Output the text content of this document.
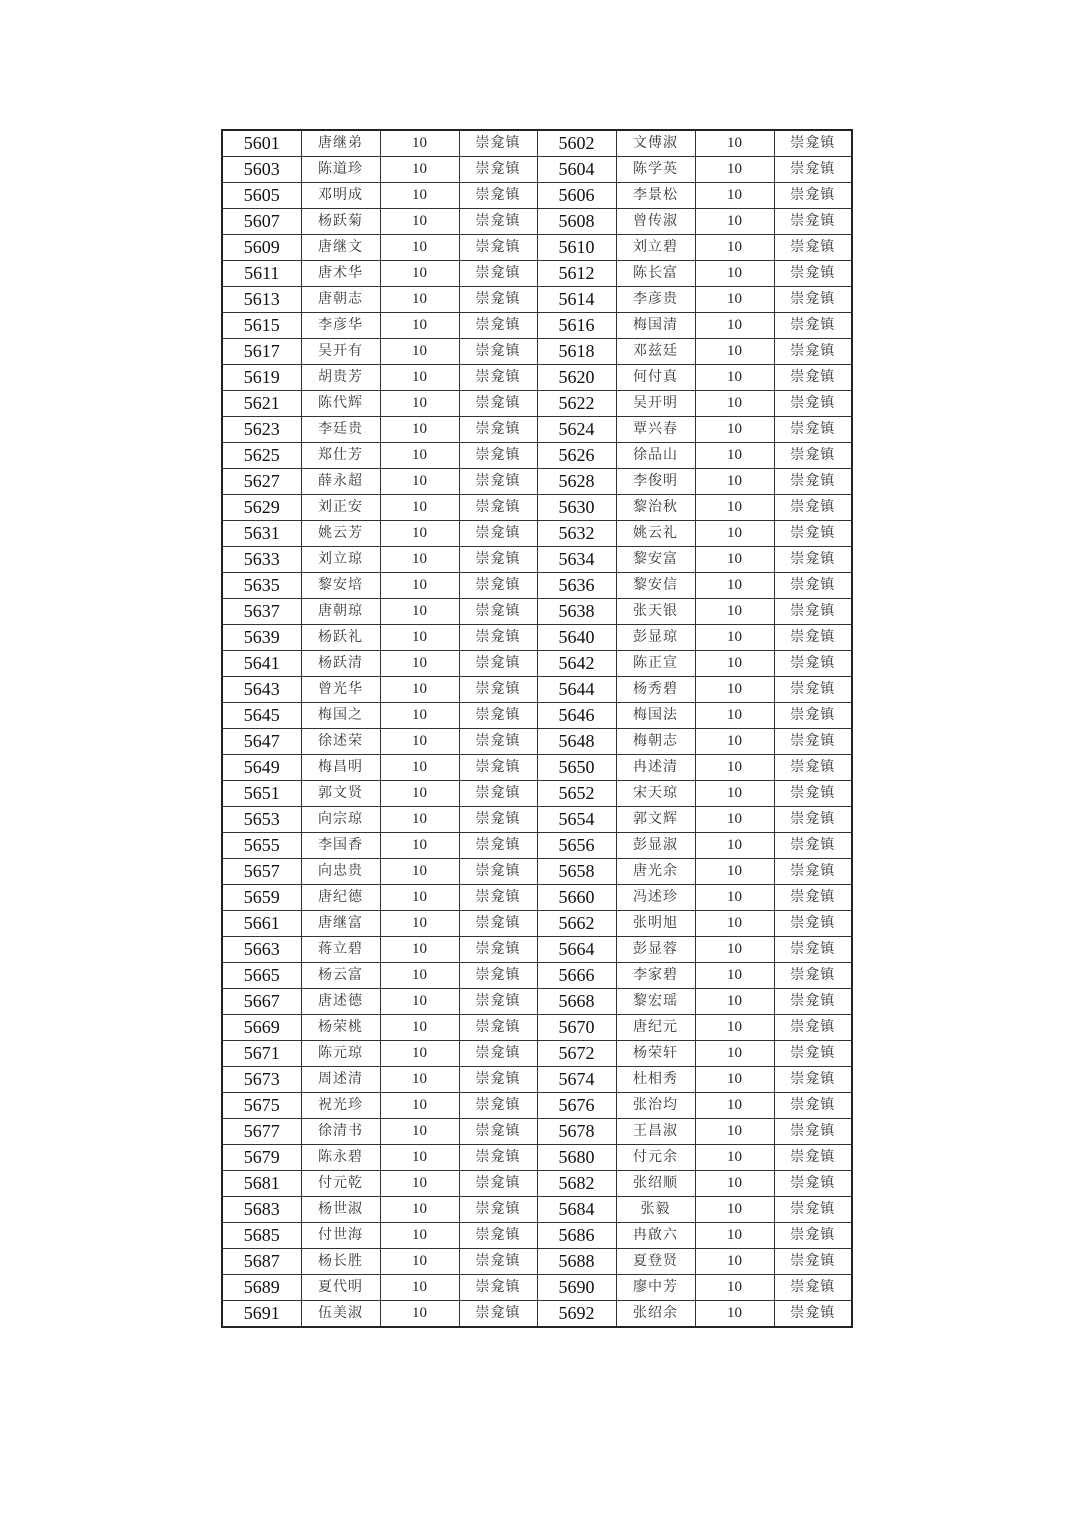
5601	唐继弟	10	崇龛镇	5602	文傅淑	10	崇龛镇
5603	陈道珍	10	崇龛镇	5604	陈学英	10	崇龛镇
5605	邓明成	10	崇龛镇	5606	李景松	10	崇龛镇
5607	杨跃菊	10	崇龛镇	5608	曾传淑	10	崇龛镇
5609	唐继文	10	崇龛镇	5610	刘立碧	10	崇龛镇
5611	唐术华	10	崇龛镇	5612	陈长富	10	崇龛镇
5613	唐朝志	10	崇龛镇	5614	李彦贵	10	崇龛镇
5615	李彦华	10	崇龛镇	5616	梅国清	10	崇龛镇
5617	吴开有	10	崇龛镇	5618	邓兹廷	10	崇龛镇
5619	胡贵芳	10	崇龛镇	5620	何付真	10	崇龛镇
5621	陈代辉	10	崇龛镇	5622	吴开明	10	崇龛镇
5623	李廷贵	10	崇龛镇	5624	覃兴春	10	崇龛镇
5625	郑仕芳	10	崇龛镇	5626	徐品山	10	崇龛镇
5627	薛永超	10	崇龛镇	5628	李俊明	10	崇龛镇
5629	刘正安	10	崇龛镇	5630	黎治秋	10	崇龛镇
5631	姚云芳	10	崇龛镇	5632	姚云礼	10	崇龛镇
5633	刘立琼	10	崇龛镇	5634	黎安富	10	崇龛镇
5635	黎安培	10	崇龛镇	5636	黎安信	10	崇龛镇
5637	唐朝琼	10	崇龛镇	5638	张天银	10	崇龛镇
5639	杨跃礼	10	崇龛镇	5640	彭显琼	10	崇龛镇
5641	杨跃清	10	崇龛镇	5642	陈正宣	10	崇龛镇
5643	曾光华	10	崇龛镇	5644	杨秀碧	10	崇龛镇
5645	梅国之	10	崇龛镇	5646	梅国法	10	崇龛镇
5647	徐述荣	10	崇龛镇	5648	梅朝志	10	崇龛镇
5649	梅昌明	10	崇龛镇	5650	冉述清	10	崇龛镇
5651	郭文贤	10	崇龛镇	5652	宋天琼	10	崇龛镇
5653	向宗琼	10	崇龛镇	5654	郭文辉	10	崇龛镇
5655	李国香	10	崇龛镇	5656	彭显淑	10	崇龛镇
5657	向忠贵	10	崇龛镇	5658	唐光余	10	崇龛镇
5659	唐纪德	10	崇龛镇	5660	冯述珍	10	崇龛镇
5661	唐继富	10	崇龛镇	5662	张明旭	10	崇龛镇
5663	蒋立碧	10	崇龛镇	5664	彭显蓉	10	崇龛镇
5665	杨云富	10	崇龛镇	5666	李家碧	10	崇龛镇
5667	唐述德	10	崇龛镇	5668	黎宏瑶	10	崇龛镇
5669	杨荣桃	10	崇龛镇	5670	唐纪元	10	崇龛镇
5671	陈元琼	10	崇龛镇	5672	杨荣轩	10	崇龛镇
5673	周述清	10	崇龛镇	5674	杜相秀	10	崇龛镇
5675	祝光珍	10	崇龛镇	5676	张治均	10	崇龛镇
5677	徐清书	10	崇龛镇	5678	王昌淑	10	崇龛镇
5679	陈永碧	10	崇龛镇	5680	付元余	10	崇龛镇
5681	付元乾	10	崇龛镇	5682	张绍顺	10	崇龛镇
5683	杨世淑	10	崇龛镇	5684	张毅	10	崇龛镇
5685	付世海	10	崇龛镇	5686	冉啟六	10	崇龛镇
5687	杨长胜	10	崇龛镇	5688	夏登贤	10	崇龛镇
5689	夏代明	10	崇龛镇	5690	廖中芳	10	崇龛镇
5691	伍美淑	10	崇龛镇	5692	张绍余	10	崇龛镇
